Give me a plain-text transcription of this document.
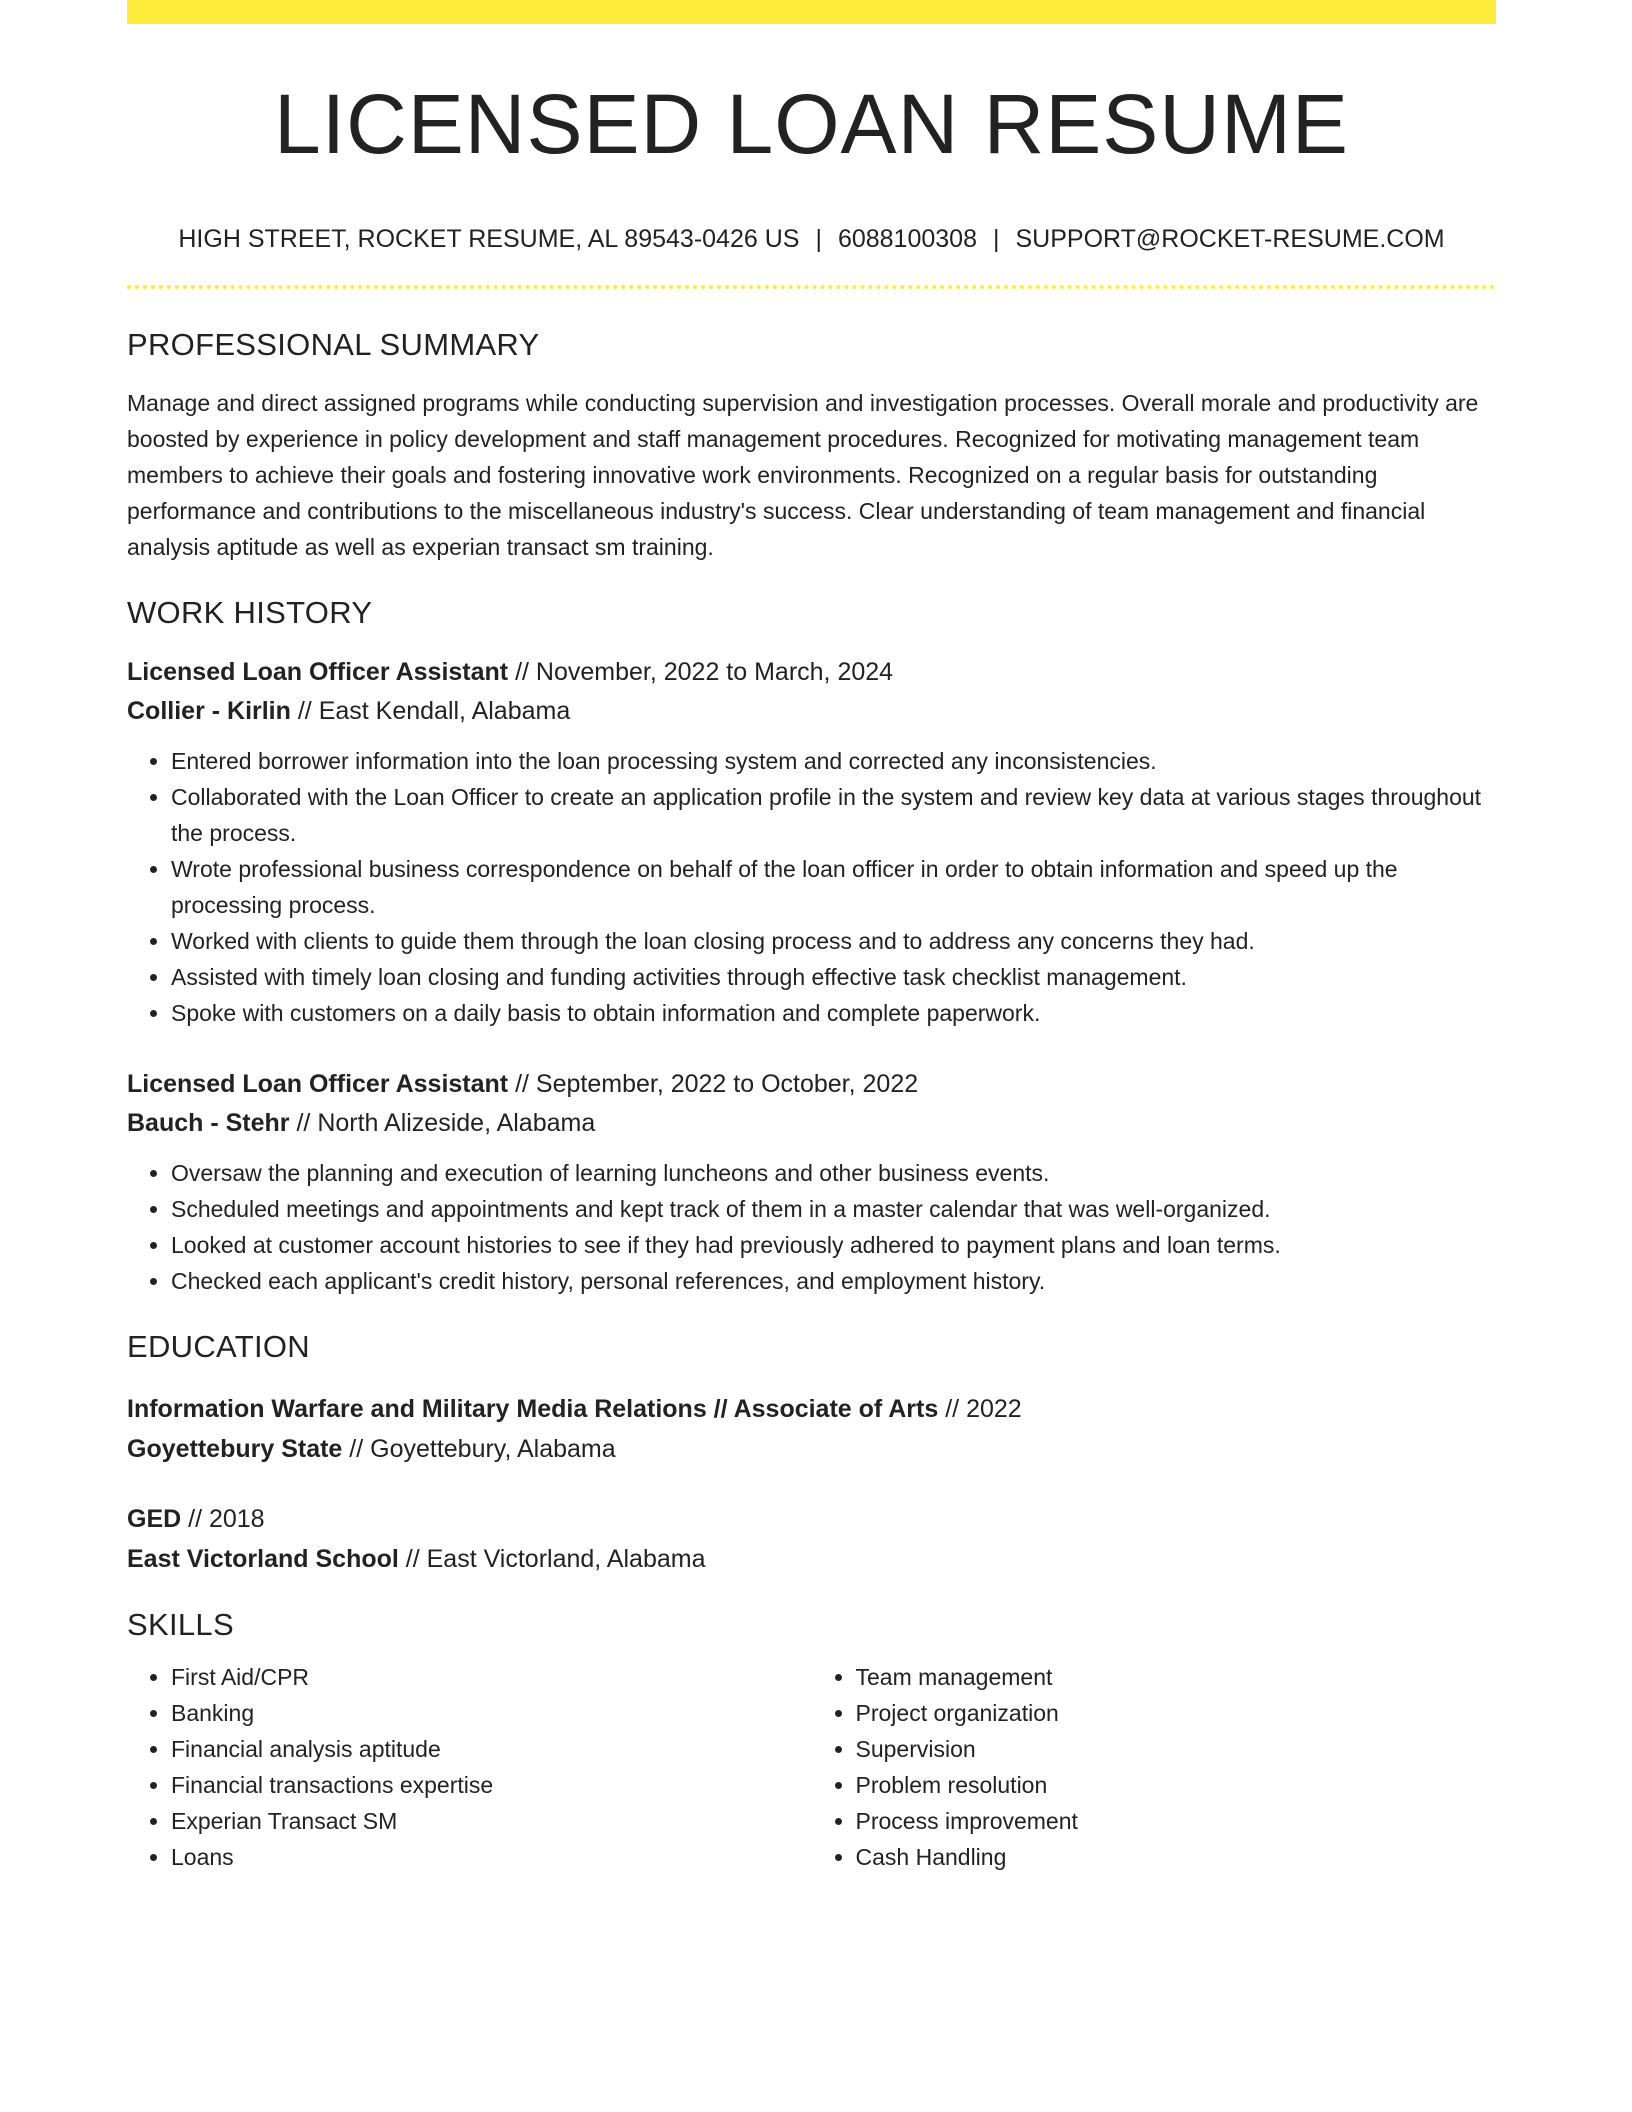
LICENSED LOAN RESUME
HIGH STREET, ROCKET RESUME, AL 89543-0426 US | 6088100308 | SUPPORT@ROCKET-RESUME.COM
PROFESSIONAL SUMMARY
Manage and direct assigned programs while conducting supervision and investigation processes. Overall morale and productivity are boosted by experience in policy development and staff management procedures. Recognized for motivating management team members to achieve their goals and fostering innovative work environments. Recognized on a regular basis for outstanding performance and contributions to the miscellaneous industry's success. Clear understanding of team management and financial analysis aptitude as well as experian transact sm training.
WORK HISTORY

Licensed Loan Officer Assistant // November, 2022 to March, 2024

Collier - Kirlin // East Kendall, Alabama

• Entered borrower information into the loan processing system and corrected any inconsistencies.
• Collaborated with the Loan Officer to create an application profile in the system and review key data at various stages throughout the process.
• Wrote professional business correspondence on behalf of the loan officer in order to obtain information and speed up the processing process.
• Worked with clients to guide them through the loan closing process and to address any concerns they had.
• Assisted with timely loan closing and funding activities through effective task checklist management.
• Spoke with customers on a daily basis to obtain information and complete paperwork.

Licensed Loan Officer Assistant // September, 2022 to October, 2022

Bauch - Stehr // North Alizeside, Alabama

• Oversaw the planning and execution of learning luncheons and other business events.
• Scheduled meetings and appointments and kept track of them in a master calendar that was well-organized.
• Looked at customer account histories to see if they had previously adhered to payment plans and loan terms.
• Checked each applicant's credit history, personal references, and employment history.
EDUCATION

Information Warfare and Military Media Relations // Associate of Arts // 2022

Goyettebury State // Goyettebury, Alabama

GED // 2018

East Victorland School // East Victorland, Alabama

SKILLS
• First Aid/CPR
• Banking
• Financial analysis aptitude
• Financial transactions expertise
• Experian Transact SM
• Loans
• Team management
• Project organization
• Supervision
• Problem resolution
• Process improvement
• Cash Handling
